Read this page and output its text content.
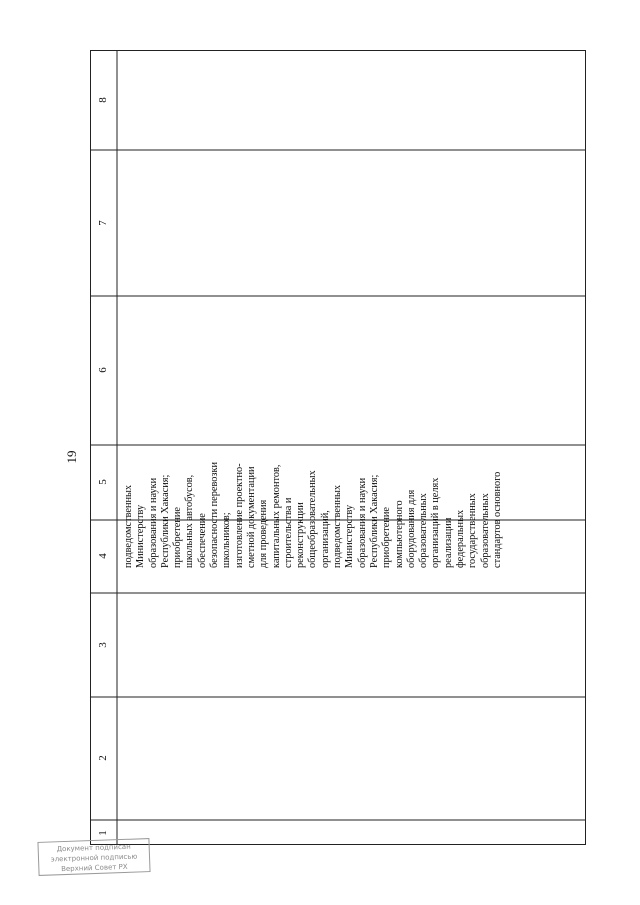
19
8
7
6
5
4
3
2
1
подведомственных Министерству образования и науки Республики Хакасия; приобретение школьных автобусов, обеспечение безопасности перевозки школьников; изготовление проектно- сметной документации для проведения капитальных ремонтов, строительства и реконструкции общеобразовательных организаций, подведомственных Министерству образования и науки Республики Хакасия; приобретение компьютерного оборудования для образовательных организаций в целях реализации федеральных государственных образовательных стандартов основного
Документ подписан
электронной подписью
Верхний Совет РХ
